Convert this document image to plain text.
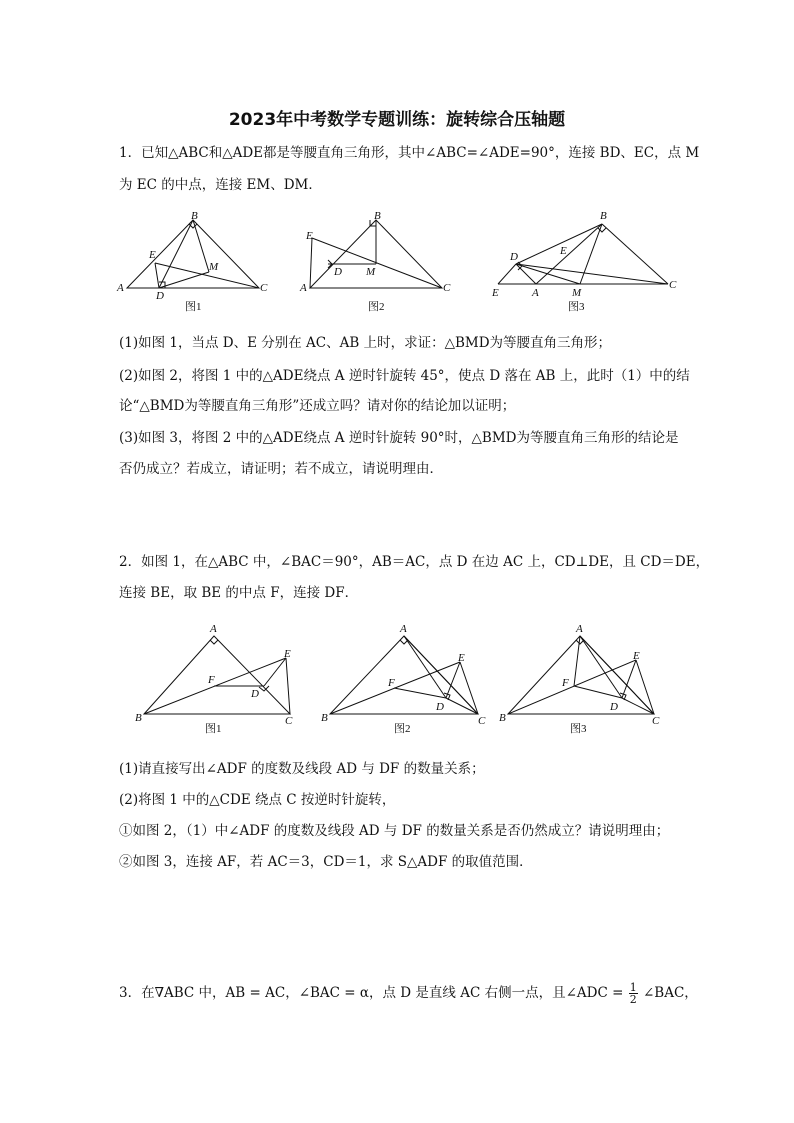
2023年中考数学专题训练：旋转综合压轴题
1．已知△ABC和△ADE都是等腰直角三角形，其中∠ABC=∠ADE=90°，连接 BD、EC，点 M
为 EC 的中点，连接 EM、DM．
A
B
C
D
E
M
图1
A
B
C
D
E
M
图2
E	A
B
C
D	E
M
图3
(1)如图 1，当点 D、E 分别在 AC、AB 上时，求证：△BMD为等腰直角三角形；
(2)如图 2，将图 1 中的△ADE绕点 A 逆时针旋转 45°，使点 D 落在 AB 上，此时（1）中的结
论“△BMD为等腰直角三角形”还成立吗？请对你的结论加以证明；
(3)如图 3，将图 2 中的△ADE绕点 A 逆时针旋转 90°时，△BMD为等腰直角三角形的结论是
否仍成立？若成立，请证明；若不成立，请说明理由．
2．如图 1，在△ABC 中，∠BAC＝90°，AB＝AC，点 D 在边 AC 上，CD⊥DE，且 CD＝DE，
连接 BE，取 BE 的中点 F，连接 DF．
B
A
C
D
E
F
图1
B
A
C
D
E
F
图2
B
A
C
D
E
F
图3
(1)请直接写出∠ADF 的度数及线段 AD 与 DF 的数量关系；
(2)将图 1 中的△CDE 绕点 C 按逆时针旋转，
①如图 2，（1）中∠ADF 的度数及线段 AD 与 DF 的数量关系是否仍然成立？请说明理由；
②如图 3，连接 AF，若 AC＝3，CD＝1，求 S△ADF 的取值范围．
3．在∇ABC 中，AB = AC，∠BAC = α，点 D 是直线 AC 右侧一点，且∠ADC = $\frac{1}{2}$ ∠BAC，
